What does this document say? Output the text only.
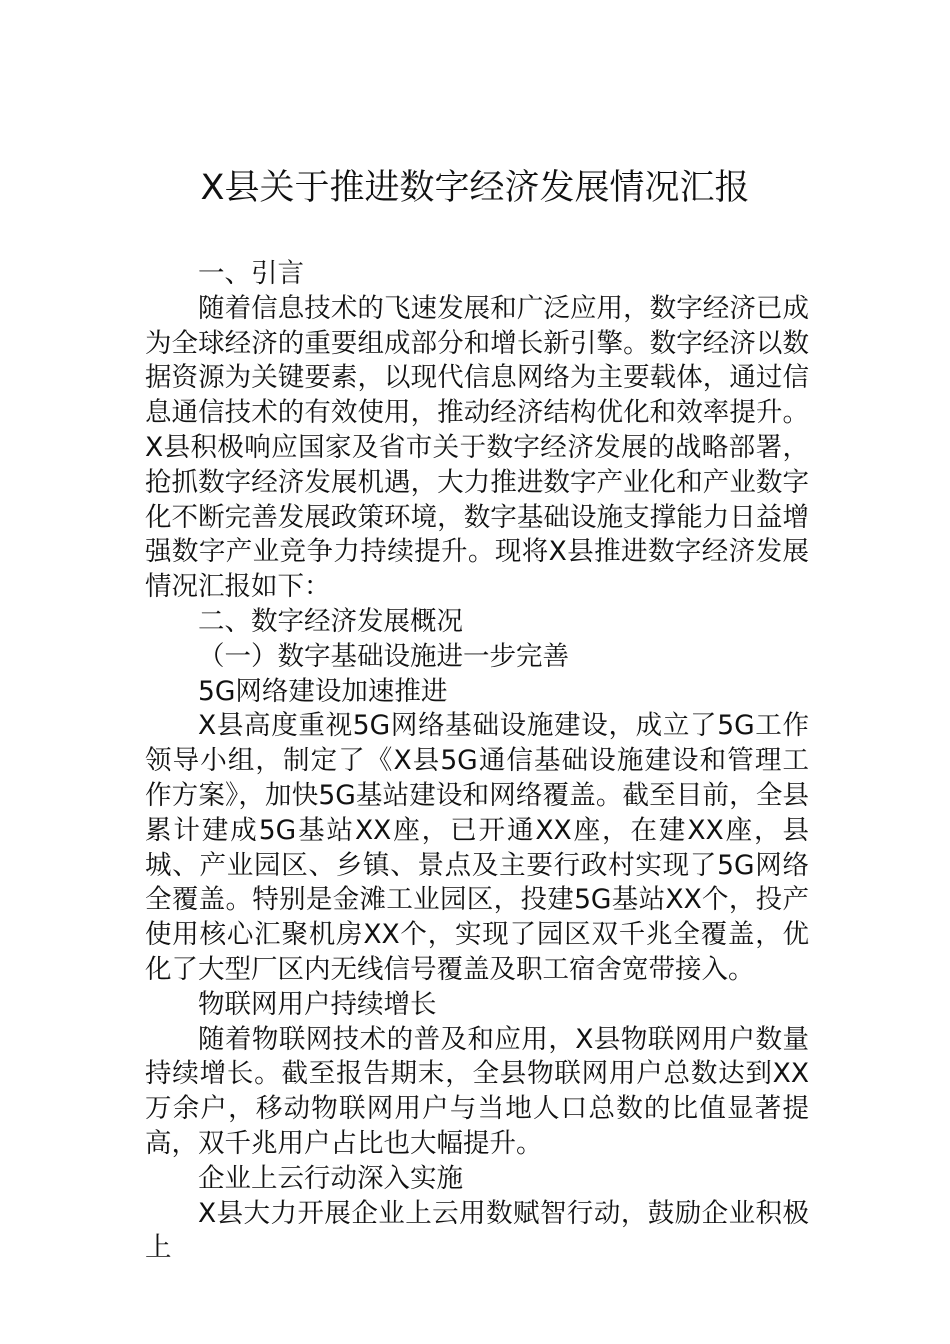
X县关于推进数字经济发展情况汇报

一、引言

随着信息技术的飞速发展和广泛应用，数字经济已成为全球经济的重要组成部分和增长新引擎。数字经济以数据资源为关键要素，以现代信息网络为主要载体，通过信息通信技术的有效使用，推动经济结构优化和效率提升。X县积极响应国家及省市关于数字经济发展的战略部署，抢抓数字经济发展机遇，大力推进数字产业化和产业数字化不断完善发展政策环境，数字基础设施支撑能力日益增强数字产业竞争力持续提升。现将X县推进数字经济发展情况汇报如下：

二、数字经济发展概况

（一）数字基础设施进一步完善

5G网络建设加速推进

X县高度重视5G网络基础设施建设，成立了5G工作领导小组，制定了《X县5G通信基础设施建设和管理工作方案》，加快5G基站建设和网络覆盖。截至目前，全县累计建成5G基站XX座，已开通XX座，在建XX座，县城、产业园区、乡镇、景点及主要行政村实现了5G网络全覆盖。特别是金滩工业园区，投建5G基站XX个，投产使用核心汇聚机房XX个，实现了园区双千兆全覆盖，优化了大型厂区内无线信号覆盖及职工宿舍宽带接入。

物联网用户持续增长

随着物联网技术的普及和应用，X县物联网用户数量持续增长。截至报告期末，全县物联网用户总数达到XX万余户，移动物联网用户与当地人口总数的比值显著提高，双千兆用户占比也大幅提升。

企业上云行动深入实施

X县大力开展企业上云用数赋智行动，鼓励企业积极上
